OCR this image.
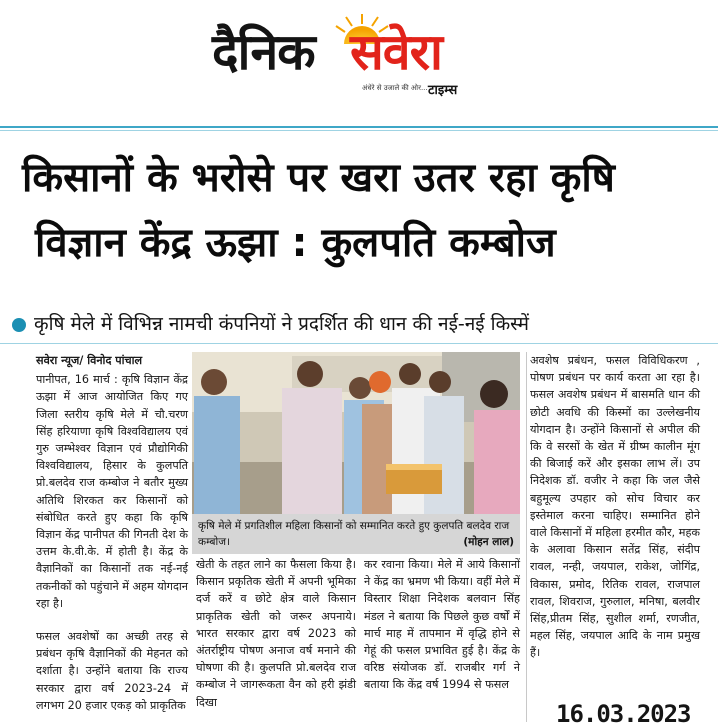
दैनिक सवेरा
अंधेरे से उजाले की ओर... टाइम्स
किसानों के भरोसे पर खरा उतर रहा कृषि
विज्ञान केंद्र ऊझा : कुलपति कम्बोज
कृषि मेले में विभिन्न नामची कंपनियों ने प्रदर्शित की धान की नई-नई किस्में
सवेरा न्यूज/ विनोद पांचाल

पानीपत, 16 मार्च : कृषि विज्ञान केंद्र ऊझा में आज आयोजित किए गए जिला स्तरीय कृषि मेले में चौ.चरण सिंह हरियाणा कृषि विश्वविद्यालय एवं गुरु जम्भेश्वर विज्ञान एवं प्रौद्योगिकी विश्वविद्यालय, हिसार के कुलपति प्रो.बलदेव राज कम्बोज ने बतौर मुख्य अतिथि शिरकत कर किसानों को संबोधित करते हुए कहा कि कृषि विज्ञान केंद्र पानीपत की गिनती देश के उत्तम के.वी.के. में होती है। केंद्र के वैज्ञानिकों का किसानों तक नई-नई तकनीकों को पहुंचाने में अहम योगदान रहा है।

फसल अवशेषों का अच्छी तरह से प्रबंधन कृषि वैज्ञानिकों की मेहनत को दर्शाता है। उन्होंने बताया कि राज्य सरकार द्वारा वर्ष 2023-24 में लगभग 20 हजार एकड़ को प्राकृतिक

कृषि मेले में प्रगतिशील महिला किसानों को सम्मानित करते हुए कुलपति बलदेव राज कम्बोज।	(मोहन लाल)

खेती के तहत लाने का फैसला किया है। किसान प्रकृतिक खेती में अपनी भूमिका दर्ज करें व छोटे क्षेत्र वाले किसान प्राकृतिक खेती को जरूर अपनाये। भारत सरकार द्वारा वर्ष 2023 को अंतर्राष्ट्रीय पोषण अनाज वर्ष मनाने की घोषणा की है। कुलपति प्रो.बलदेव राज कम्बोज ने जागरूकता वैन को हरी झंडी दिखा

कर रवाना किया। मेले में आये किसानों ने केंद्र का भ्रमण भी किया। वहीं मेले में विस्तार शिक्षा निदेशक बलवान सिंह मंडल ने बताया कि पिछले कुछ वर्षों में मार्च माह में तापमान में वृद्धि होने से गेहूं की फसल प्रभावित हुई है। केंद्र के वरिष्ठ संयोजक डॉ. राजबीर गर्ग ने बताया कि केंद्र वर्ष 1994 से फसल

अवशेष प्रबंधन, फसल विविधिकरण , पोषण प्रबंधन पर कार्य करता आ रहा है। फसल अवशेष प्रबंधन में बासमति धान की छोटी अवधि की किस्मों का उल्लेखनीय योगदान है। उन्होंने किसानों से अपील की कि वे सरसों के खेत में ग्रीष्म कालीन मूंग की बिजाई करें और इसका लाभ लें। उप निदेशक डॉ. वजीर ने कहा कि जल जैसे बहुमूल्य उपहार को सोच विचार कर इस्तेमाल करना चाहिए। सम्मानित होने वाले किसानों में महिला हरमीत कौर, महक के अलावा किसान सतेंद्र सिंह, संदीप रावल, नन्ही, जयपाल, राकेश, जोगिंद्र, विकास, प्रमोद, रितिक रावल, राजपाल रावल, शिवराज, गुरुलाल, मनिषा, बलवीर सिंह,प्रीतम सिंह, सुशील शर्मा, रणजीत, महल सिंह, जयपाल आदि के नाम प्रमुख हैं।

16.03.2023
